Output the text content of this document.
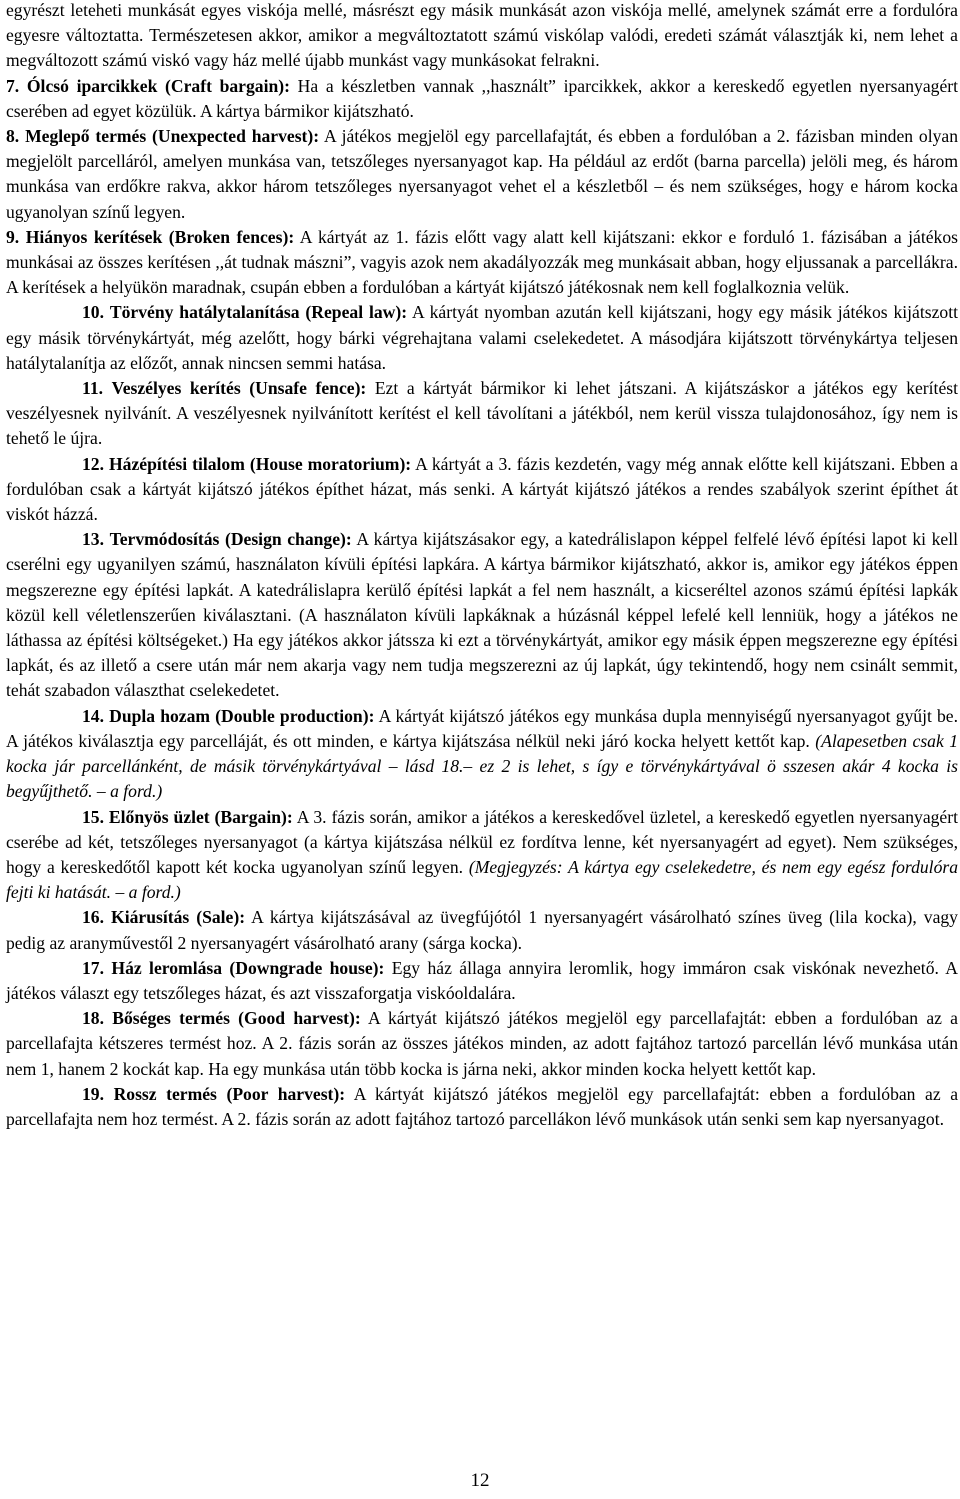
egyrészt leteheti munkását egyes viskója mellé, másrészt egy másik munkását azon viskója mellé, amelynek számát erre a fordulóra egyesre változtatta. Természetesen akkor, amikor a megváltoztatott számú viskólap valódi, eredeti számát választják ki, nem lehet a megváltozott számú viskó vagy ház mellé újabb munkást vagy munkásokat felrakni.

7. Ólcsó iparcikkek (Craft bargain): Ha a készletben vannak ,,használt” iparcikkek, akkor a kereskedő egyetlen nyersanyagért cserében ad egyet közülük. A kártya bármikor kijátszható.

8. Meglepő termés (Unexpected harvest): A játékos megjelöl egy parcellafajtát, és ebben a fordulóban a 2. fázisban minden olyan megjelölt parcelláról, amelyen munkása van, tetszőleges nyersanyagot kap. Ha például az erdőt (barna parcella) jelöli meg, és három munkása van erdőkre rakva, akkor három tetszőleges nyersanyagot vehet el a készletből – és nem szükséges, hogy e három kocka ugyanolyan színű legyen.

9. Hiányos kerítések (Broken fences): A kártyát az 1. fázis előtt vagy alatt kell kijátszani: ekkor e forduló 1. fázisában a játékos munkásai az összes kerítésen ,,át tudnak mászni”, vagyis azok nem akadályozzák meg munkásait abban, hogy eljussanak a parcellákra. A kerítések a helyükön maradnak, csupán ebben a fordulóban a kártyát kijátszó játékosnak nem kell foglalkoznia velük.

10. Törvény hatálytalanítása (Repeal law): A kártyát nyomban azután kell kijátszani, hogy egy másik játékos kijátszott egy másik törvénykártyát, még azelőtt, hogy bárki végrehajtana valami cselekedetet. A másodjára kijátszott törvénykártya teljesen hatálytalanítja az előzőt, annak nincsen semmi hatása.

11. Veszélyes kerítés (Unsafe fence): Ezt a kártyát bármikor ki lehet játszani. A kijátszáskor a játékos egy kerítést veszélyesnek nyilvánít. A veszélyesnek nyilvánított kerítést el kell távolítani a játékból, nem kerül vissza tulajdonosához, így nem is tehető le újra.

12. Házépítési tilalom (House moratorium): A kártyát a 3. fázis kezdetén, vagy még annak előtte kell kijátszani. Ebben a fordulóban csak a kártyát kijátszó játékos építhet házat, más senki. A kártyát kijátszó játékos a rendes szabályok szerint építhet át viskót házzá.

13. Tervmódosítás (Design change): A kártya kijátszásakor egy, a katedrálislapon képpel felfelé lévő építési lapot ki kell cserélni egy ugyanilyen számú, használaton kívüli építési lapkára. A kártya bármikor kijátszható, akkor is, amikor egy játékos éppen megszerezne egy építési lapkát. A katedrálislapra kerülő építési lapkát a fel nem használt, a kicseréltel azonos számú építési lapkák közül kell véletlenszerűen kiválasztani. (A használaton kívüli lapkáknak a húzásnál képpel lefelé kell lenniük, hogy a játékos ne láthassa az építési költségeket.) Ha egy játékos akkor játssza ki ezt a törvénykártyát, amikor egy másik éppen megszerezne egy építési lapkát, és az illető a csere után már nem akarja vagy nem tudja megszerezni az új lapkát, úgy tekintendő, hogy nem csinált semmit, tehát szabadon választhat cselekedetet.

14. Dupla hozam (Double production): A kártyát kijátszó játékos egy munkása dupla mennyiségű nyersanyagot gyűjt be. A játékos kiválasztja egy parcelláját, és ott minden, e kártya kijátszása nélkül neki járó kocka helyett kettőt kap. (Alapesetben csak 1 kocka jár parcellánként, de másik törvénykártyával – lásd 18.– ez 2 is lehet, s így e törvénykártyával ö sszesen akár 4 kocka is begyűjthető. – a ford.)

15. Előnyös üzlet (Bargain): A 3. fázis során, amikor a játékos a kereskedővel üzletel, a kereskedő egyetlen nyersanyagért cserébe ad két, tetszőleges nyersanyagot (a kártya kijátszása nélkül ez fordítva lenne, két nyersanyagért ad egyet). Nem szükséges, hogy a kereskedőtől kapott két kocka ugyanolyan színű legyen. (Megjegyzés: A kártya egy cselekedetre, és nem egy egész fordulóra fejti ki hatását. – a ford.)

16. Kiárusítás (Sale): A kártya kijátszásával az üvegfújótól 1 nyersanyagért vásárolható színes üveg (lila kocka), vagy pedig az aranyművestől 2 nyersanyagért vásárolható arany (sárga kocka).

17. Ház leromlása (Downgrade house): Egy ház állaga annyira leromlik, hogy immáron csak viskónak nevezhető. A játékos választ egy tetszőleges házat, és azt visszaforgatja viskóoldalára.

18. Bőséges termés (Good harvest): A kártyát kijátszó játékos megjelöl egy parcellafajtát: ebben a fordulóban az a parcellafajta kétszeres termést hoz. A 2. fázis során az összes játékos minden, az adott fajtához tartozó parcellán lévő munkása után nem 1, hanem 2 kockát kap. Ha egy munkása után több kocka is járna neki, akkor minden kocka helyett kettőt kap.

19. Rossz termés (Poor harvest): A kártyát kijátszó játékos megjelöl egy parcellafajtát: ebben a fordulóban az a parcellafajta nem hoz termést. A 2. fázis során az adott fajtához tartozó parcellákon lévő munkások után senki sem kap nyersanyagot.

12
